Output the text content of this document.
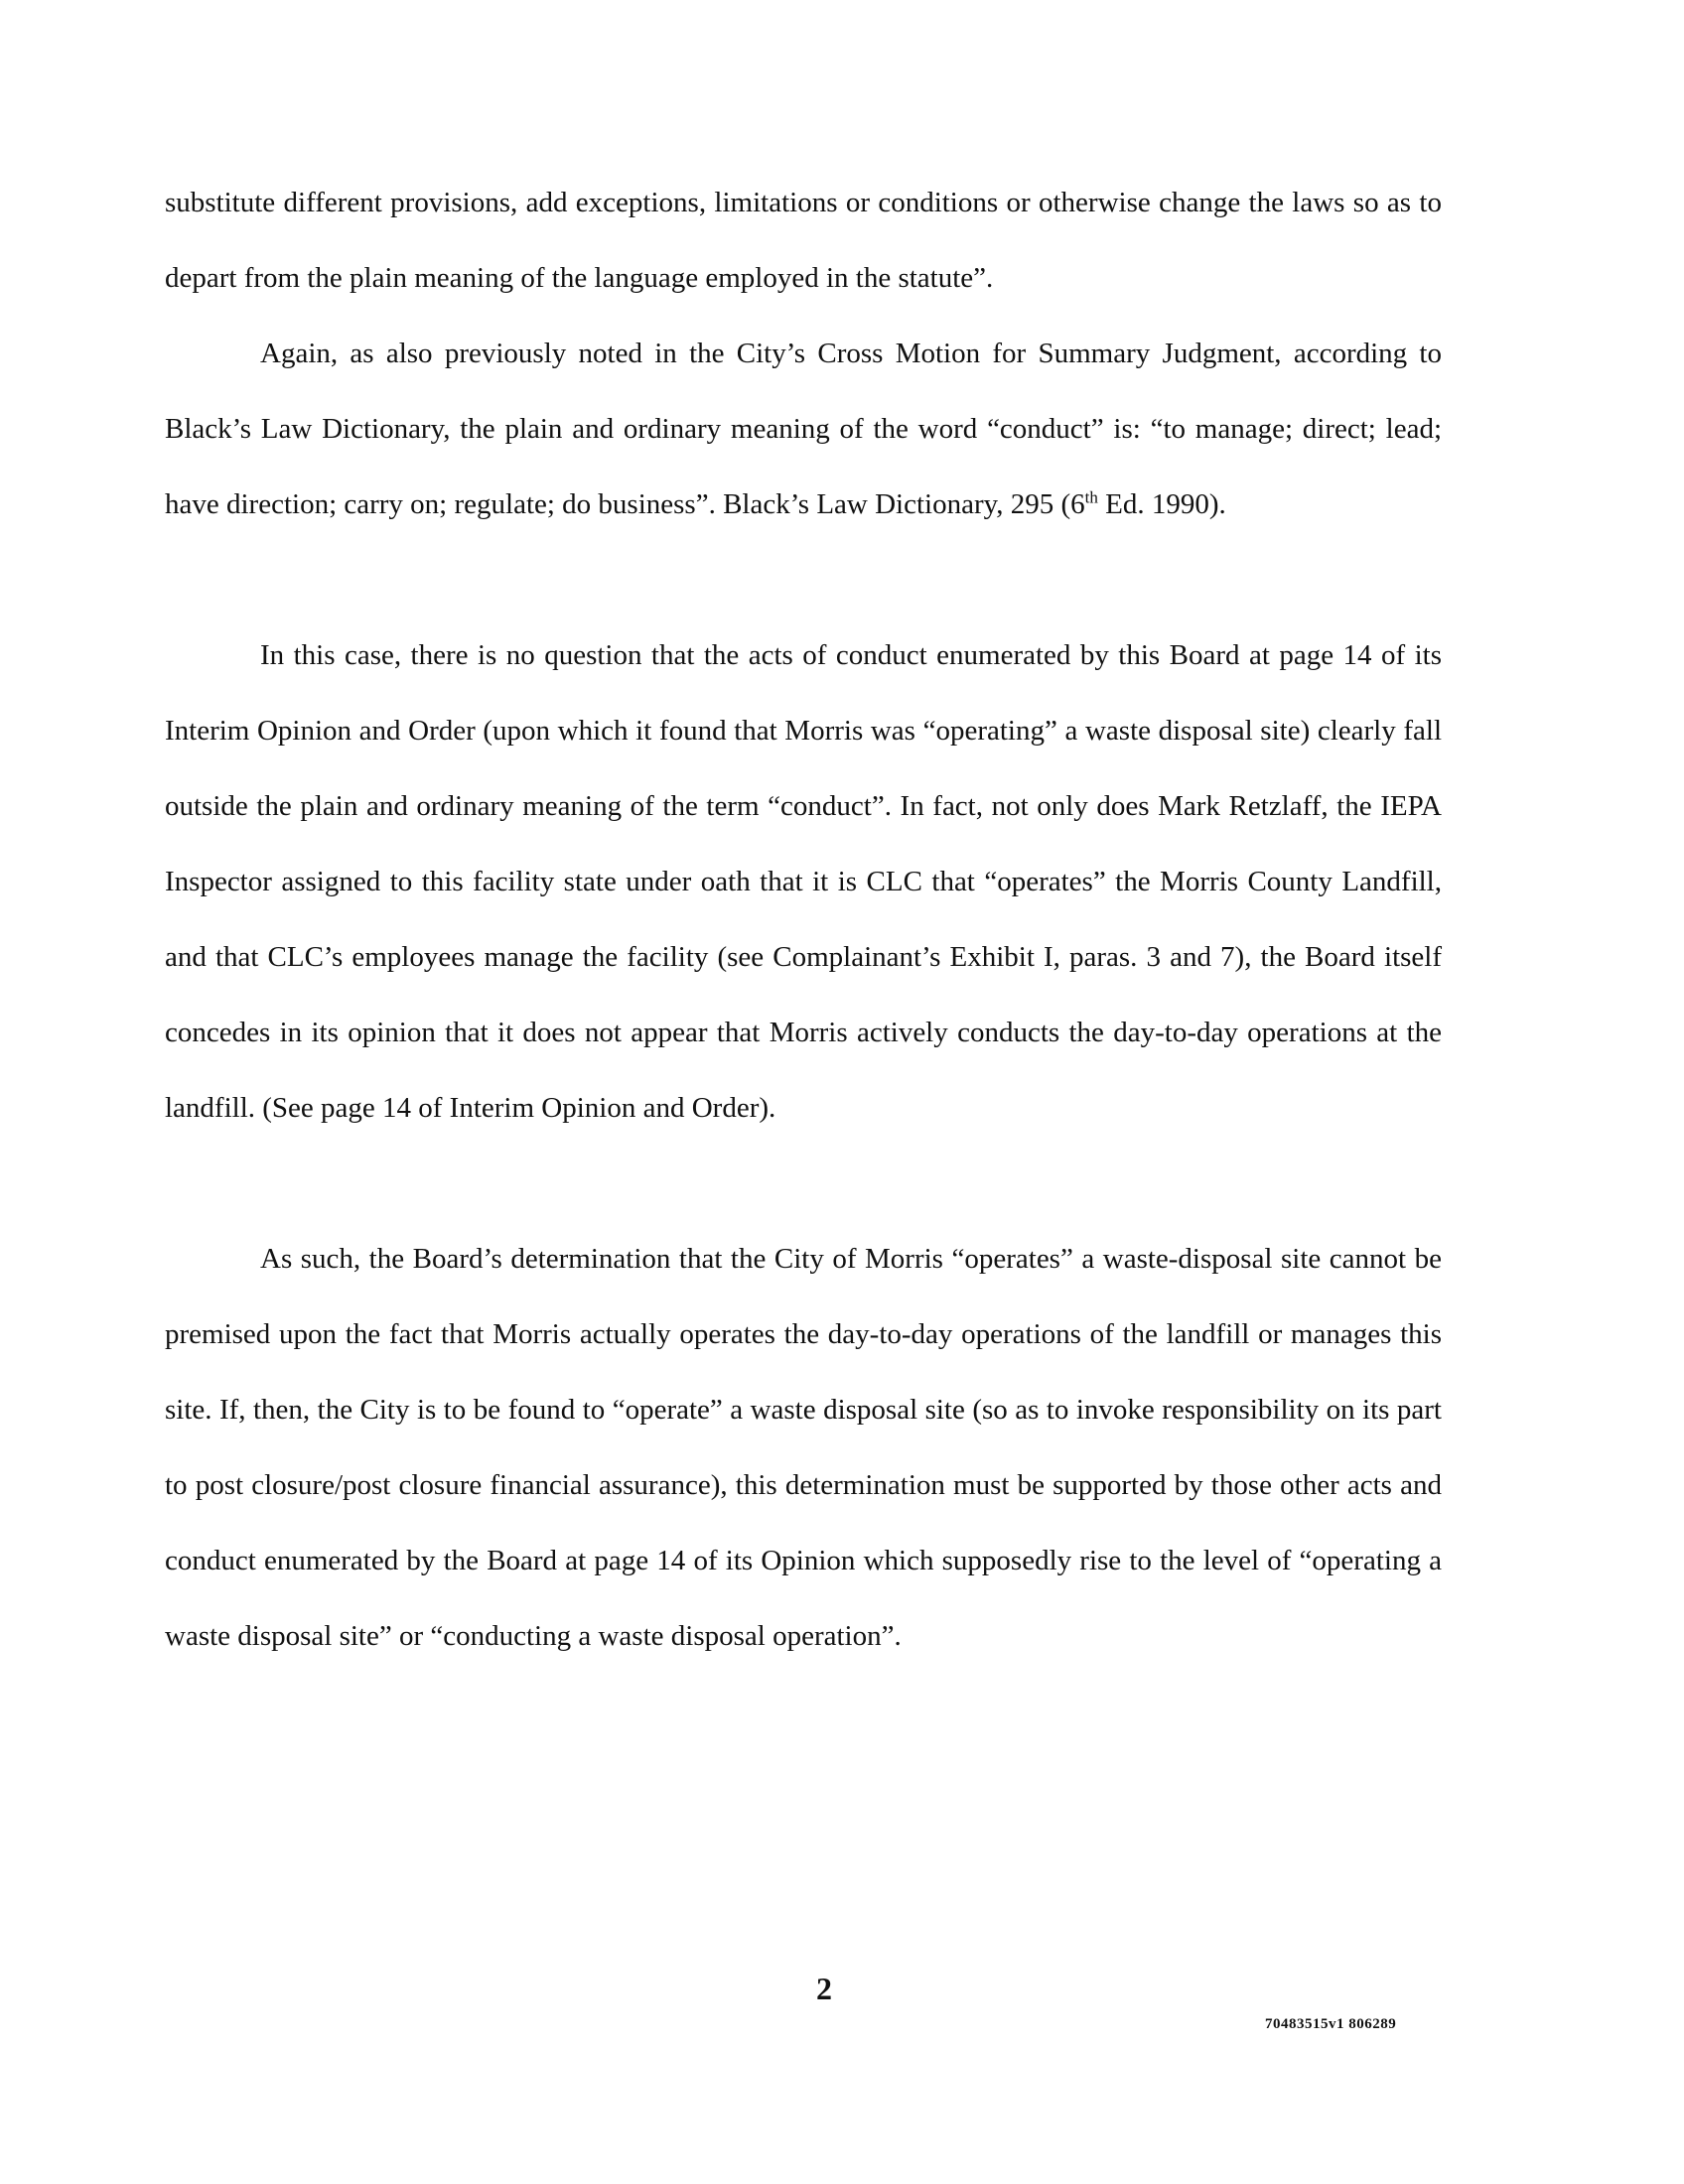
substitute different provisions, add exceptions, limitations or conditions or otherwise change the laws so as to depart from the plain meaning of the language employed in the statute”.

Again, as also previously noted in the City’s Cross Motion for Summary Judgment, according to Black’s Law Dictionary, the plain and ordinary meaning of the word “conduct” is: “to manage; direct; lead; have direction; carry on; regulate; do business”. Black’s Law Dictionary, 295 (6th Ed. 1990).

In this case, there is no question that the acts of conduct enumerated by this Board at page 14 of its Interim Opinion and Order (upon which it found that Morris was “operating” a waste disposal site) clearly fall outside the plain and ordinary meaning of the term “conduct”. In fact, not only does Mark Retzlaff, the IEPA Inspector assigned to this facility state under oath that it is CLC that “operates” the Morris County Landfill, and that CLC’s employees manage the facility (see Complainant’s Exhibit I, paras. 3 and 7), the Board itself concedes in its opinion that it does not appear that Morris actively conducts the day-to-day operations at the landfill. (See page 14 of Interim Opinion and Order).

As such, the Board’s determination that the City of Morris “operates” a waste-disposal site cannot be premised upon the fact that Morris actually operates the day-to-day operations of the landfill or manages this site. If, then, the City is to be found to “operate” a waste disposal site (so as to invoke responsibility on its part to post closure/post closure financial assurance), this determination must be supported by those other acts and conduct enumerated by the Board at page 14 of its Opinion which supposedly rise to the level of “operating a waste disposal site” or “conducting a waste disposal operation”.

2
70483515v1 806289
